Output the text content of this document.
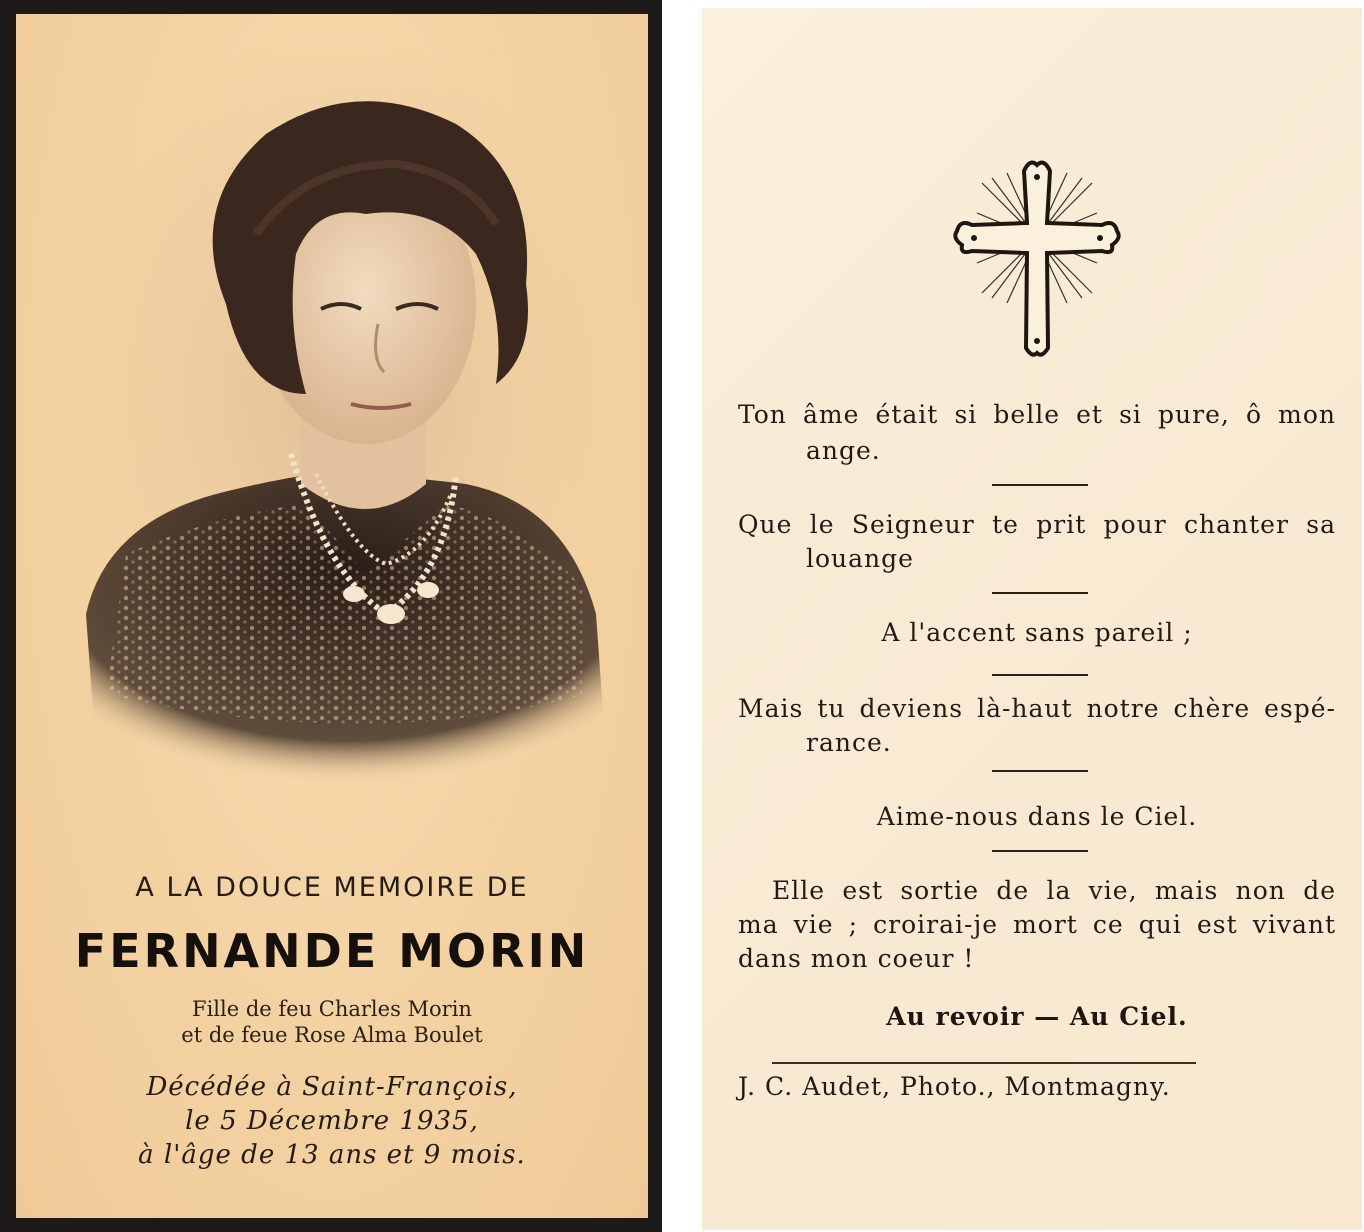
A LA DOUCE MEMOIRE DE
FERNANDE MORIN
Fille de feu Charles Morin
et de feue Rose Alma Boulet
Décédée à Saint-François,
le 5 Décembre 1935,
à l'âge de 13 ans et 9 mois.
Ton âme était si belle et si pure, ô mon
ange.
Que le Seigneur te prit pour chanter sa
louange
A l'accent sans pareil ;
Mais tu deviens là-haut notre chère espé-
rance.
Aime-nous dans le Ciel.
Elle est sortie de la vie, mais non de
ma vie ; croirai-je mort ce qui est vivant
dans mon coeur !
Au revoir — Au Ciel.
J. C. Audet, Photo., Montmagny.
